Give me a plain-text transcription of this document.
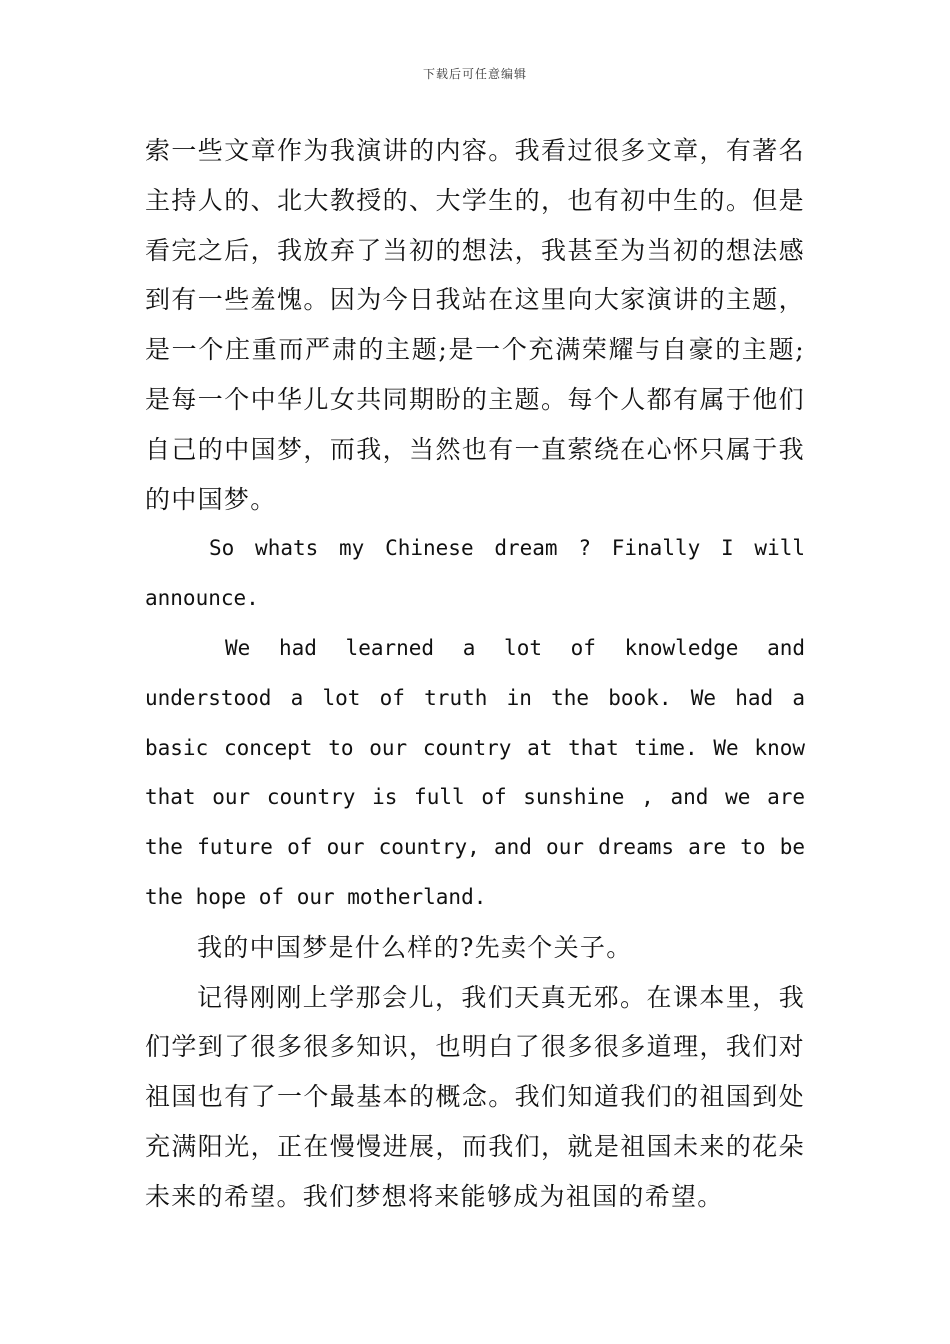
下载后可任意编辑

索一些文章作为我演讲的内容。我看过很多文章，有著名主持人的、北大教授的、大学生的，也有初中生的。但是看完之后，我放弃了当初的想法，我甚至为当初的想法感到有一些羞愧。因为今日我站在这里向大家演讲的主题，是一个庄重而严肃的主题;是一个充满荣耀与自豪的主题;是每一个中华儿女共同期盼的主题。每个人都有属于他们自己的中国梦，而我，当然也有一直萦绕在心怀只属于我的中国梦。

So whats my Chinese dream ? Finally I will announce.

We had learned a lot of knowledge and understood a lot of truth in the book. We had a basic concept to our country at that time. We know that our country is full of sunshine , and we are the future of our country, and our dreams are to be the hope of our motherland.

我的中国梦是什么样的?先卖个关子。

记得刚刚上学那会儿，我们天真无邪。在课本里，我们学到了很多很多知识，也明白了很多很多道理，我们对祖国也有了一个最基本的概念。我们知道我们的祖国到处充满阳光，正在慢慢进展，而我们，就是祖国未来的花朵未来的希望。我们梦想将来能够成为祖国的希望。
